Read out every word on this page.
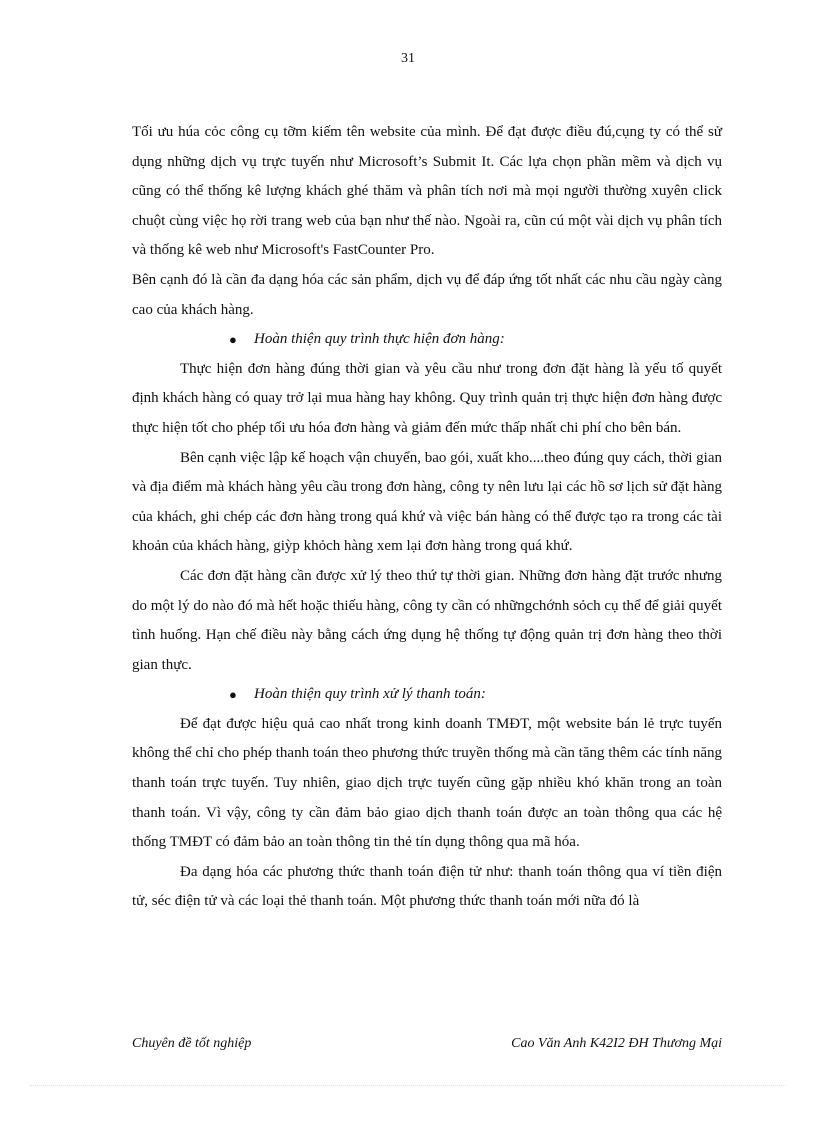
31

Tối ưu húa cỏc công cụ tỡm kiếm tên website của mình. Để đạt được điều đú,cụng ty có thể sử dụng những dịch vụ trực tuyến như Microsoft’s Submit It. Các lựa chọn phần mềm và dịch vụ cũng có thể thống kê lượng khách ghé thăm và phân tích nơi mà mọi người thường xuyên click chuột cùng việc họ rời trang web của bạn như thế nào. Ngoài ra, cũn cú một vài dịch vụ phân tích và thống kê web như Microsoft's FastCounter Pro.

Bên cạnh đó là cần đa dạng hóa các sản phẩm, dịch vụ để đáp ứng tốt nhất các nhu cầu ngày càng cao của khách hàng.

● Hoàn thiện quy trình thực hiện đơn hàng:

Thực hiện đơn hàng đúng thời gian và yêu cầu như trong đơn đặt hàng là yếu tố quyết định khách hàng có quay trở lại mua hàng hay không. Quy trình quản trị thực hiện đơn hàng được thực hiện tốt cho phép tối ưu hóa đơn hàng và giảm đến mức thấp nhất chi phí cho bên bán.

Bên cạnh việc lập kế hoạch vận chuyển, bao gói, xuất kho....theo đúng quy cách, thời gian và địa điểm mà khách hàng yêu cầu trong đơn hàng, công ty nên lưu lại các hồ sơ lịch sử đặt hàng của khách, ghi chép các đơn hàng trong quá khứ và việc bán hàng có thể được tạo ra trong các tài khoản của khách hàng, giỳp khỏch hàng xem lại đơn hàng trong quá khứ.

Các đơn đặt hàng cần được xử lý theo thứ tự thời gian. Những đơn hàng đặt trước nhưng do một lý do nào đó mà hết hoặc thiếu hàng, công ty cần có nhữngchớnh sỏch cụ thể để giải quyết tình huống. Hạn chế điều này bằng cách ứng dụng hệ thống tự động quản trị đơn hàng theo thời gian thực.

● Hoàn thiện quy trình xử lý thanh toán:

Để đạt được hiệu quả cao nhất trong kinh doanh TMĐT, một website bán lẻ trực tuyến không thể chỉ cho phép thanh toán theo phương thức truyền thống mà cần tăng thêm các tính năng thanh toán trực tuyến. Tuy nhiên, giao dịch trực tuyến cũng gặp nhiều khó khăn trong an toàn thanh toán. Vì vậy, công ty cần đảm bảo giao dịch thanh toán được an toàn thông qua các hệ thống TMĐT có đảm bảo an toàn thông tin thẻ tín dụng thông qua mã hóa.

Đa dạng hóa các phương thức thanh toán điện tử như: thanh toán thông qua ví tiền điện tử, séc điện tử và các loại thẻ thanh toán. Một phương thức thanh toán mới nữa đó là

Chuyên đề tốt nghiệp	Cao Văn Anh K42I2 ĐH Thương Mại
